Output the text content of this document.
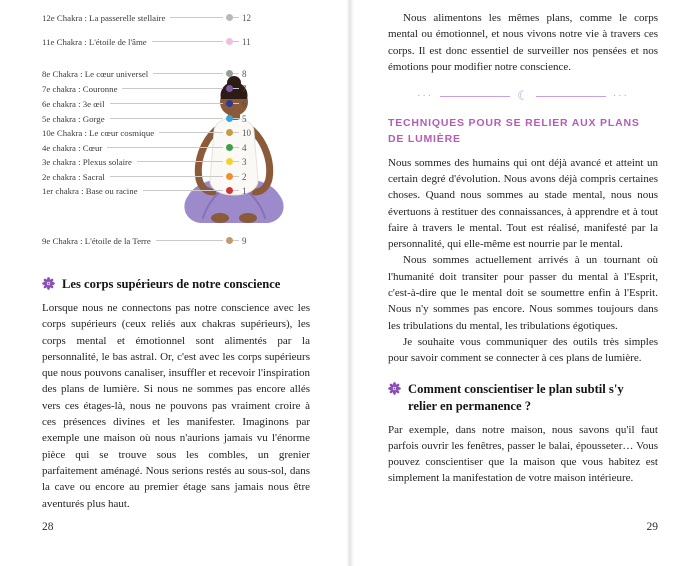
12e Chakra : La passerelle stellaire	12
11e Chakra : L'étoile de l'âme	11
8e Chakra : Le cœur universel	8
7e chakra : Couronne	7
6e chakra : 3e œil	6
5e chakra : Gorge	5
10e Chakra : Le cœur cosmique	10
4e chakra : Cœur	4
3e chakra : Plexus solaire	3
2e chakra : Sacral	2
1er chakra : Base ou racine	1
9e Chakra : L'étoile de la Terre	9
Les corps supérieurs de notre conscience

Lorsque nous ne connectons pas notre conscience avec les corps supérieurs (ceux reliés aux chakras supérieurs), les corps mental et émotionnel sont alimentés par la personnalité, le bas astral. Or, c'est avec les corps supérieurs que nous pouvons canaliser, insuffler et recevoir l'inspiration des plans de lumière. Si nous ne sommes pas encore allés vers ces étages-là, nous ne pouvons pas vraiment croire à ces présences divines et les manifester. Imaginons par exemple une maison où nous n'aurions jamais vu l'énorme pièce qui se trouve sous les combles, un grenier parfaitement aménagé. Nous serions restés au sous-sol, dans la cave ou encore au premier étage sans jamais nous être aventurés plus haut.

28

Nous alimentons les mêmes plans, comme le corps mental ou émotionnel, et nous vivons notre vie à travers ces corps. Il est donc essentiel de surveiller nos pensées et nos émotions pour modifier notre conscience.

···	☾	···
TECHNIQUES POUR SE RELIER AUX PLANS DE LUMIÈRE

Nous sommes des humains qui ont déjà avancé et atteint un certain degré d'évolution. Nous avons déjà compris certaines choses. Quand nous sommes au stade mental, nous nous évertuons à restituer des connaissances, à apprendre et à tout faire à travers le mental. Tout est réalisé, manifesté par la personnalité, qui elle-même est nourrie par le mental.

Nous sommes actuellement arrivés à un tournant où l'humanité doit transiter pour passer du mental à l'Esprit, c'est-à-dire que le mental doit se soumettre enfin à l'Esprit. Nous n'y sommes pas encore. Nous sommes toujours dans les tribulations du mental, les tribulations égotiques.

Je souhaite vous communiquer des outils très simples pour savoir comment se connecter à ces plans de lumière.

Comment conscientiser le plan subtil s'y relier en permanence ?

Par exemple, dans notre maison, nous savons qu'il faut parfois ouvrir les fenêtres, passer le balai, épousseter… Vous pouvez conscientiser que la maison que vous habitez est simplement la manifestation de votre maison intérieure.

29
